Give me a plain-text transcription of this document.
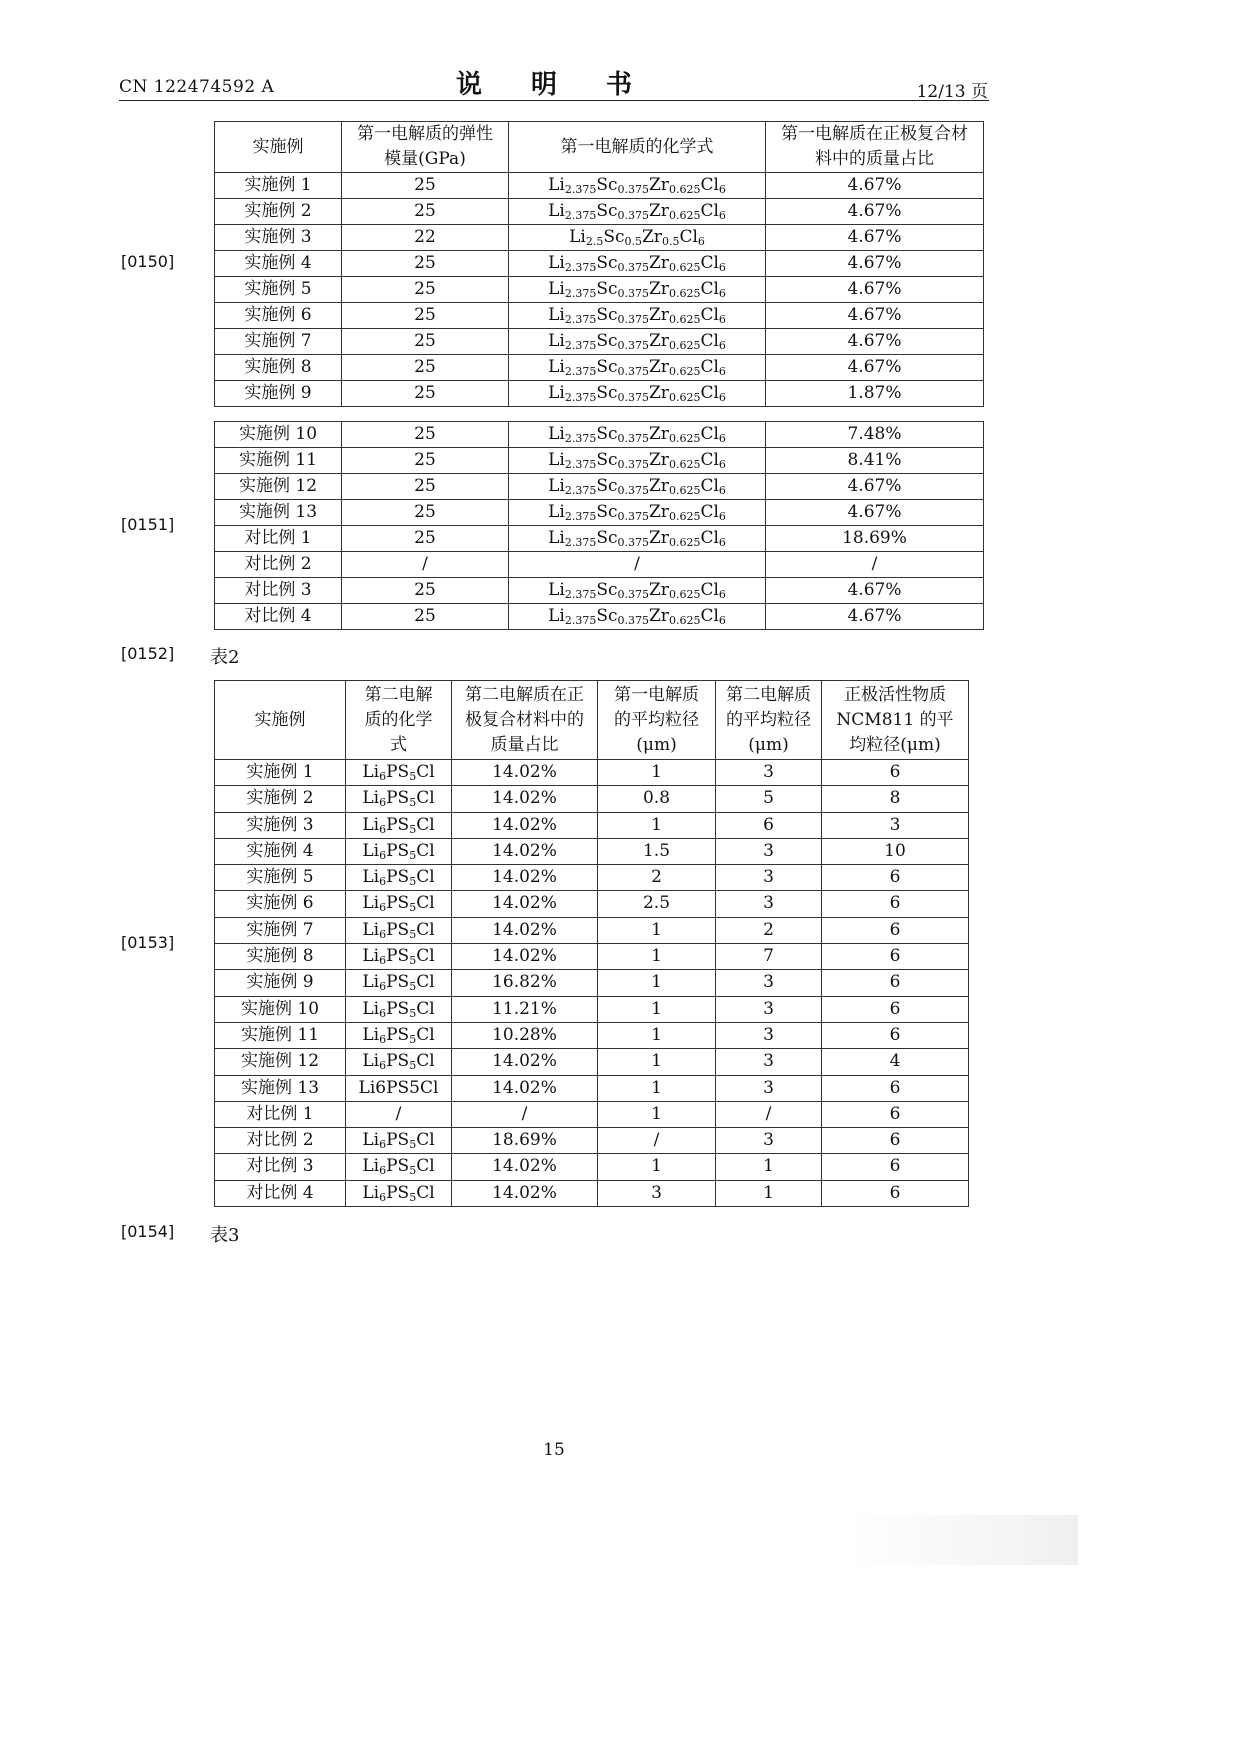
CN 122474592 A	说 明 书	12/13 页
[0150]
[0151]
[0152] 表2
[0153]
[0154] 表3
实施例	第一电解质的弹性模量(GPa)	第一电解质的化学式	第一电解质在正极复合材料中的质量占比
实施例 1	25	$Li_{2.375}Sc_{0.375}Zr_{0.625}Cl_6$	4.67%
实施例 2	25	$Li_{2.375}Sc_{0.375}Zr_{0.625}Cl_6$	4.67%
实施例 3	22	$Li_{2.5}Sc_{0.5}Zr_{0.5}Cl_6$	4.67%
实施例 4	25	$Li_{2.375}Sc_{0.375}Zr_{0.625}Cl_6$	4.67%
实施例 5	25	$Li_{2.375}Sc_{0.375}Zr_{0.625}Cl_6$	4.67%
实施例 6	25	$Li_{2.375}Sc_{0.375}Zr_{0.625}Cl_6$	4.67%
实施例 7	25	$Li_{2.375}Sc_{0.375}Zr_{0.625}Cl_6$	4.67%
实施例 8	25	$Li_{2.375}Sc_{0.375}Zr_{0.625}Cl_6$	4.67%
实施例 9	25	$Li_{2.375}Sc_{0.375}Zr_{0.625}Cl_6$	1.87%
实施例 10	25	$Li_{2.375}Sc_{0.375}Zr_{0.625}Cl_6$	7.48%
实施例 11	25	$Li_{2.375}Sc_{0.375}Zr_{0.625}Cl_6$	8.41%
实施例 12	25	$Li_{2.375}Sc_{0.375}Zr_{0.625}Cl_6$	4.67%
实施例 13	25	$Li_{2.375}Sc_{0.375}Zr_{0.625}Cl_6$	4.67%
对比例 1	25	$Li_{2.375}Sc_{0.375}Zr_{0.625}Cl_6$	18.69%
对比例 2	/	/	/
对比例 3	25	$Li_{2.375}Sc_{0.375}Zr_{0.625}Cl_6$	4.67%
对比例 4	25	$Li_{2.375}Sc_{0.375}Zr_{0.625}Cl_6$	4.67%
实施例	第二电解质的化学式	第二电解质在正极复合材料中的质量占比	第一电解质的平均粒径(μm)	第二电解质的平均粒径(μm)	正极活性物质NCM811 的平均粒径(μm)
实施例 1	$Li_6PS_5Cl$	14.02%	1	3	6
实施例 2	$Li_6PS_5Cl$	14.02%	0.8	5	8
实施例 3	$Li_6PS_5Cl$	14.02%	1	6	3
实施例 4	$Li_6PS_5Cl$	14.02%	1.5	3	10
实施例 5	$Li_6PS_5Cl$	14.02%	2	3	6
实施例 6	$Li_6PS_5Cl$	14.02%	2.5	3	6
实施例 7	$Li_6PS_5Cl$	14.02%	1	2	6
实施例 8	$Li_6PS_5Cl$	14.02%	1	7	6
实施例 9	$Li_6PS_5Cl$	16.82%	1	3	6
实施例 10	$Li_6PS_5Cl$	11.21%	1	3	6
实施例 11	$Li_6PS_5Cl$	10.28%	1	3	6
实施例 12	$Li_6PS_5Cl$	14.02%	1	3	4
实施例 13	Li6PS5Cl	14.02%	1	3	6
对比例 1	/	/	1	/	6
对比例 2	$Li_6PS_5Cl$	18.69%	/	3	6
对比例 3	$Li_6PS_5Cl$	14.02%	1	1	6
对比例 4	$Li_6PS_5Cl$	14.02%	3	1	6
15
